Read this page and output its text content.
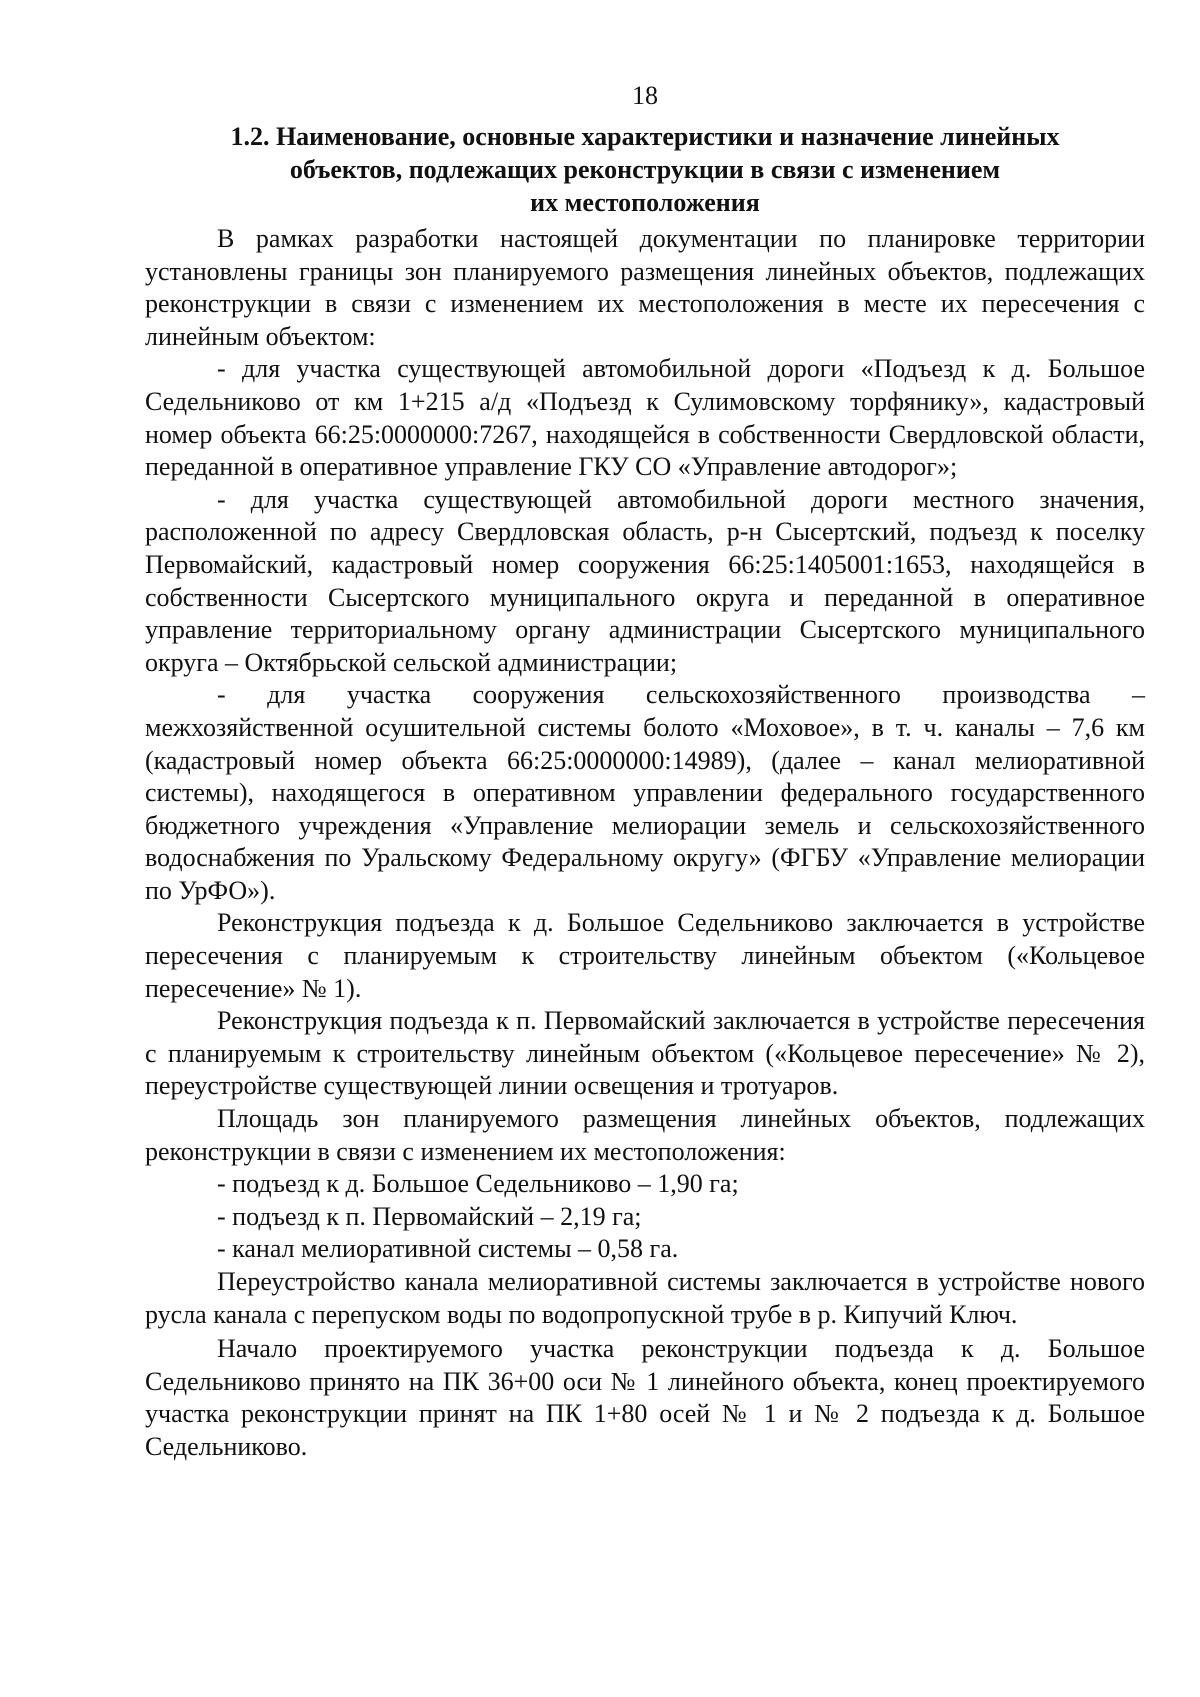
18
1.2. Наименование, основные характеристики и назначение линейных
объектов, подлежащих реконструкции в связи с изменением
их местоположения

В рамках разработки настоящей документации по планировке территории установлены границы зон планируемого размещения линейных объектов, подлежащих реконструкции в связи с изменением их местоположения в месте их пересечения с линейным объектом:

- для участка существующей автомобильной дороги «Подъезд к д. Большое Седельниково от км 1+215 а/д «Подъезд к Сулимовскому торфянику», кадастровый номер объекта 66:25:0000000:7267, находящейся в собственности Свердловской области, переданной в оперативное управление ГКУ СО «Управление автодорог»;

- для участка существующей автомобильной дороги местного значения, расположенной по адресу Свердловская область, р-н Сысертский, подъезд к поселку Первомайский, кадастровый номер сооружения 66:25:1405001:1653, находящейся в собственности Сысертского муниципального округа и переданной в оперативное управление территориальному органу администрации Сысертского муниципального округа – Октябрьской сельской администрации;

- для участка сооружения сельскохозяйственного производства – межхозяйственной осушительной системы болото «Моховое», в т. ч. каналы – 7,6 км (кадастровый номер объекта 66:25:0000000:14989), (далее – канал мелиоративной системы), находящегося в оперативном управлении федерального государственного бюджетного учреждения «Управление мелиорации земель и сельскохозяйственного водоснабжения по Уральскому Федеральному округу» (ФГБУ «Управление мелиорации по УрФО»).

Реконструкция подъезда к д. Большое Седельниково заключается в устройстве пересечения с планируемым к строительству линейным объектом («Кольцевое пересечение» № 1).

Реконструкция подъезда к п. Первомайский заключается в устройстве пересечения с планируемым к строительству линейным объектом («Кольцевое пересечение» № 2), переустройстве существующей линии освещения и тротуаров.

Площадь зон планируемого размещения линейных объектов, подлежащих реконструкции в связи с изменением их местоположения:

- подъезд к д. Большое Седельниково – 1,90 га;

- подъезд к п. Первомайский – 2,19 га;

- канал мелиоративной системы – 0,58 га.

Переустройство канала мелиоративной системы заключается в устройстве нового русла канала с перепуском воды по водопропускной трубе в р. Кипучий Ключ.

Начало проектируемого участка реконструкции подъезда к д. Большое Седельниково принято на ПК 36+00 оси № 1 линейного объекта, конец проектируемого участка реконструкции принят на ПК 1+80 осей № 1 и № 2 подъезда к д. Большое Седельниково.
